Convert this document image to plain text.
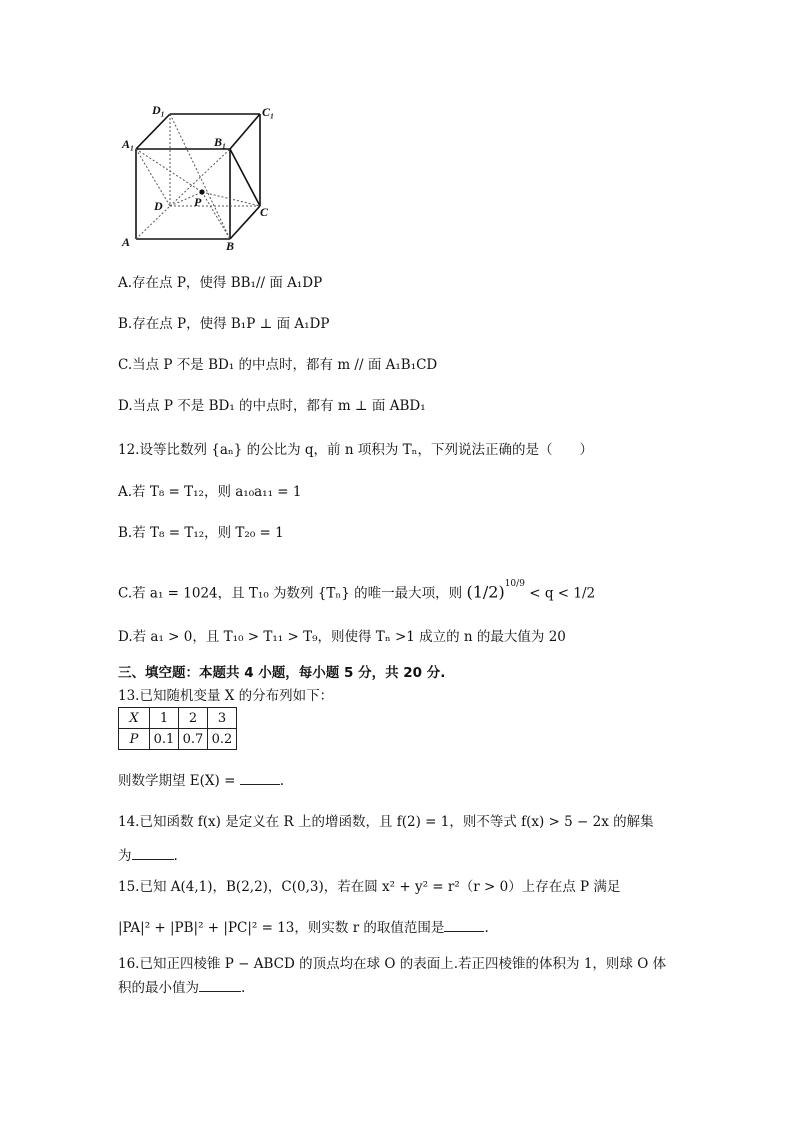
D₁	C₁
A₁	B₁
D	P
C
A	B
A.存在点 P，使得 BB₁// 面 A₁DP
B.存在点 P，使得 B₁P ⊥ 面 A₁DP
C.当点 P 不是 BD₁ 的中点时，都有 m // 面 A₁B₁CD
D.当点 P 不是 BD₁ 的中点时，都有 m ⊥ 面 ABD₁
12.设等比数列 {aₙ} 的公比为 q，前 n 项积为 Tₙ，下列说法正确的是（　　）
A.若 T₈ = T₁₂，则 a₁₀a₁₁ = 1
B.若 T₈ = T₁₂，则 T₂₀ = 1
C.若 a₁ = 1024，且 T₁₀ 为数列 {Tₙ} 的唯一最大项，则 $(1/2)^{10/9} < q < 1/2$
D.若 a₁ > 0，且 T₁₀ > T₁₁ > T₉，则使得 Tₙ >1 成立的 n 的最大值为 20
三、填空题：本题共 4 小题，每小题 5 分，共 20 分.
13.已知随机变量 X 的分布列如下：
X	1	2	3
P	0.1	0.7	0.2
则数学期望 E(X) =	.
14.已知函数 f(x) 是定义在 R 上的增函数，且 f(2) = 1，则不等式 f(x) > 5 − 2x 的解集
为	.
15.已知 A(4,1)，B(2,2)，C(0,3)，若在圆 x² + y² = r²（r > 0）上存在点 P 满足
|PA|² + |PB|² + |PC|² = 13，则实数 r 的取值范围是	.
16.已知正四棱锥 P − ABCD 的顶点均在球 O 的表面上.若正四棱锥的体积为 1，则球 O 体
积的最小值为	.
